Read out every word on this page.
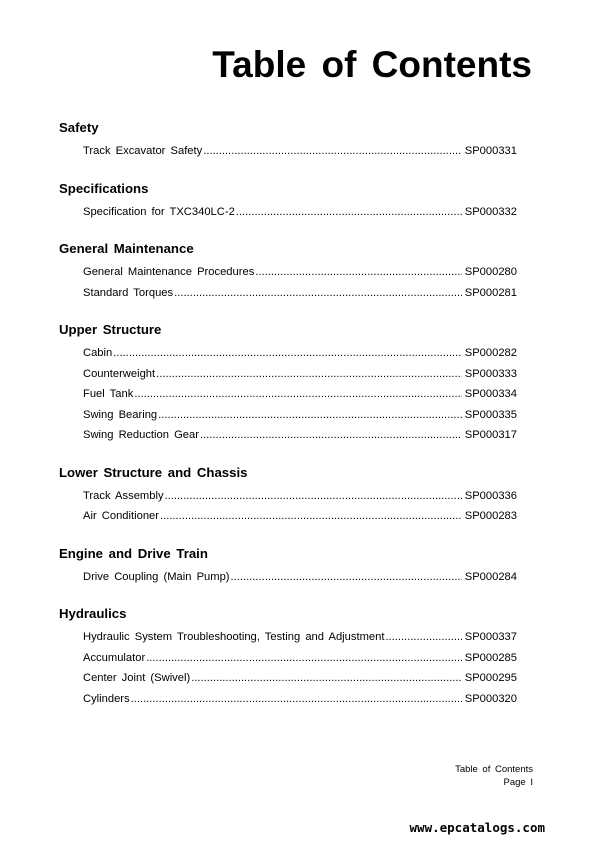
Table of Contents
Safety
Track Excavator Safety .....	SP000331
Specifications
Specification for TXC340LC-2 .....	SP000332
General Maintenance
General Maintenance Procedures .....	SP000280
Standard Torques .....	SP000281
Upper Structure
Cabin .....	SP000282
Counterweight .....	SP000333
Fuel Tank .....	SP000334
Swing Bearing .....	SP000335
Swing Reduction Gear .....	SP000317
Lower Structure and Chassis
Track Assembly .....	SP000336
Air Conditioner .....	SP000283
Engine and Drive Train
Drive Coupling (Main Pump) .....	SP000284
Hydraulics
Hydraulic System Troubleshooting, Testing and Adjustment .....	SP000337
Accumulator .....	SP000285
Center Joint (Swivel) .....	SP000295
Cylinders .....	SP000320
Table of Contents
Page I
www.epcatalogs.com
